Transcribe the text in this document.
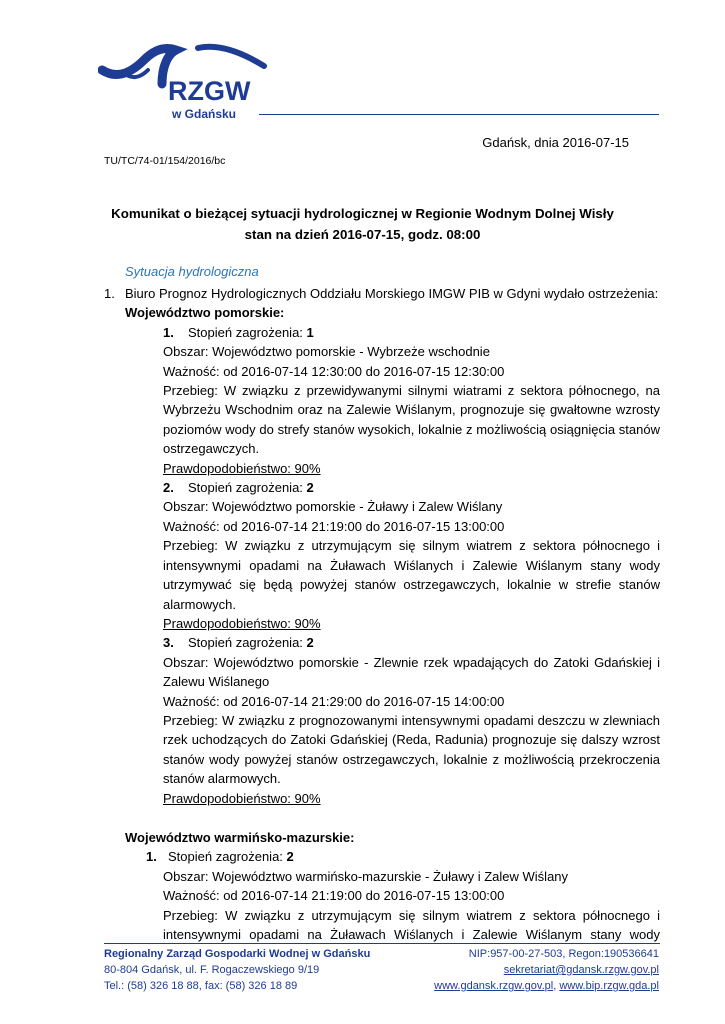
RZGW
w Gdańsku
Gdańsk, dnia 2016-07-15
TU/TC/74-01/154/2016/bc
Komunikat o bieżącej sytuacji hydrologicznej w Regionie Wodnym Dolnej Wisły
stan na dzień 2016-07-15, godz. 08:00
Sytuacja hydrologiczna
1. Biuro Prognoz Hydrologicznych Oddziału Morskiego IMGW PIB w Gdyni wydało ostrzeżenia:
Województwo pomorskie:
1. Stopień zagrożenia: 1
Obszar: Województwo pomorskie - Wybrzeże wschodnie
Ważność: od 2016-07-14 12:30:00 do 2016-07-15 12:30:00
Przebieg: W związku z przewidywanymi silnymi wiatrami z sektora północnego, na Wybrzeżu Wschodnim oraz na Zalewie Wiślanym, prognozuje się gwałtowne wzrosty poziomów wody do strefy stanów wysokich, lokalnie z możliwością osiągnięcia stanów ostrzegawczych.
Prawdopodobieństwo: 90%
2. Stopień zagrożenia: 2
Obszar: Województwo pomorskie - Żuławy i Zalew Wiślany
Ważność: od 2016-07-14 21:19:00 do 2016-07-15 13:00:00
Przebieg: W związku z utrzymującym się silnym wiatrem z sektora północnego i intensywnymi opadami na Żuławach Wiślanych i Zalewie Wiślanym stany wody utrzymywać się będą powyżej stanów ostrzegawczych, lokalnie w strefie stanów alarmowych.
Prawdopodobieństwo: 90%
3. Stopień zagrożenia: 2
Obszar: Województwo pomorskie - Zlewnie rzek wpadających do Zatoki Gdańskiej i Zalewu Wiślanego
Ważność: od 2016-07-14 21:29:00 do 2016-07-15 14:00:00
Przebieg: W związku z prognozowanymi intensywnymi opadami deszczu w zlewniach rzek uchodzących do Zatoki Gdańskiej (Reda, Radunia) prognozuje się dalszy wzrost stanów wody powyżej stanów ostrzegawczych, lokalnie z możliwością przekroczenia stanów alarmowych.
Prawdopodobieństwo: 90%
Województwo warmińsko-mazurskie:
1. Stopień zagrożenia: 2
Obszar: Województwo warmińsko-mazurskie - Żuławy i Zalew Wiślany
Ważność: od 2016-07-14 21:19:00 do 2016-07-15 13:00:00
Przebieg: W związku z utrzymującym się silnym wiatrem z sektora północnego i intensywnymi opadami na Żuławach Wiślanych i Zalewie Wiślanym stany wody
Regionalny Zarząd Gospodarki Wodnej w Gdańsku
80-804 Gdańsk, ul. F. Rogaczewskiego 9/19
Tel.: (58) 326 18 88, fax: (58) 326 18 89
NIP:957-00-27-503, Regon:190536641
sekretariat@gdansk.rzgw.gov.pl
www.gdansk.rzgw.gov.pl, www.bip.rzgw.gda.pl
